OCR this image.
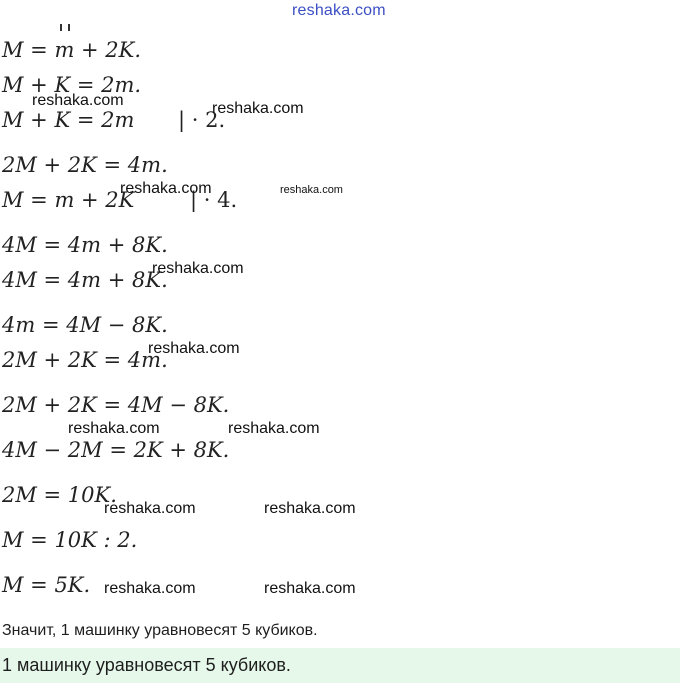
reshaka.com
M = m + 2K.
M + K = 2m.
M + K = 2m | · 2.
2M + 2K = 4m.
M = m + 2K	| · 4.
4M = 4m + 8K.
4M = 4m + 8K.
4m = 4M − 8K.
2M + 2K = 4m.
2M + 2K = 4M − 8K.
4M − 2M = 2K + 8K.
2M = 10K.
M = 10K : 2.
M = 5K.
reshaka.com	reshaka.com
reshaka.com	reshaka.com
reshaka.com
reshaka.com
reshaka.com	reshaka.com
reshaka.com	reshaka.com
reshaka.com	reshaka.com
Значит, 1 машинку уравновесят 5 кубиков.
1 машинку уравновесят 5 кубиков.
